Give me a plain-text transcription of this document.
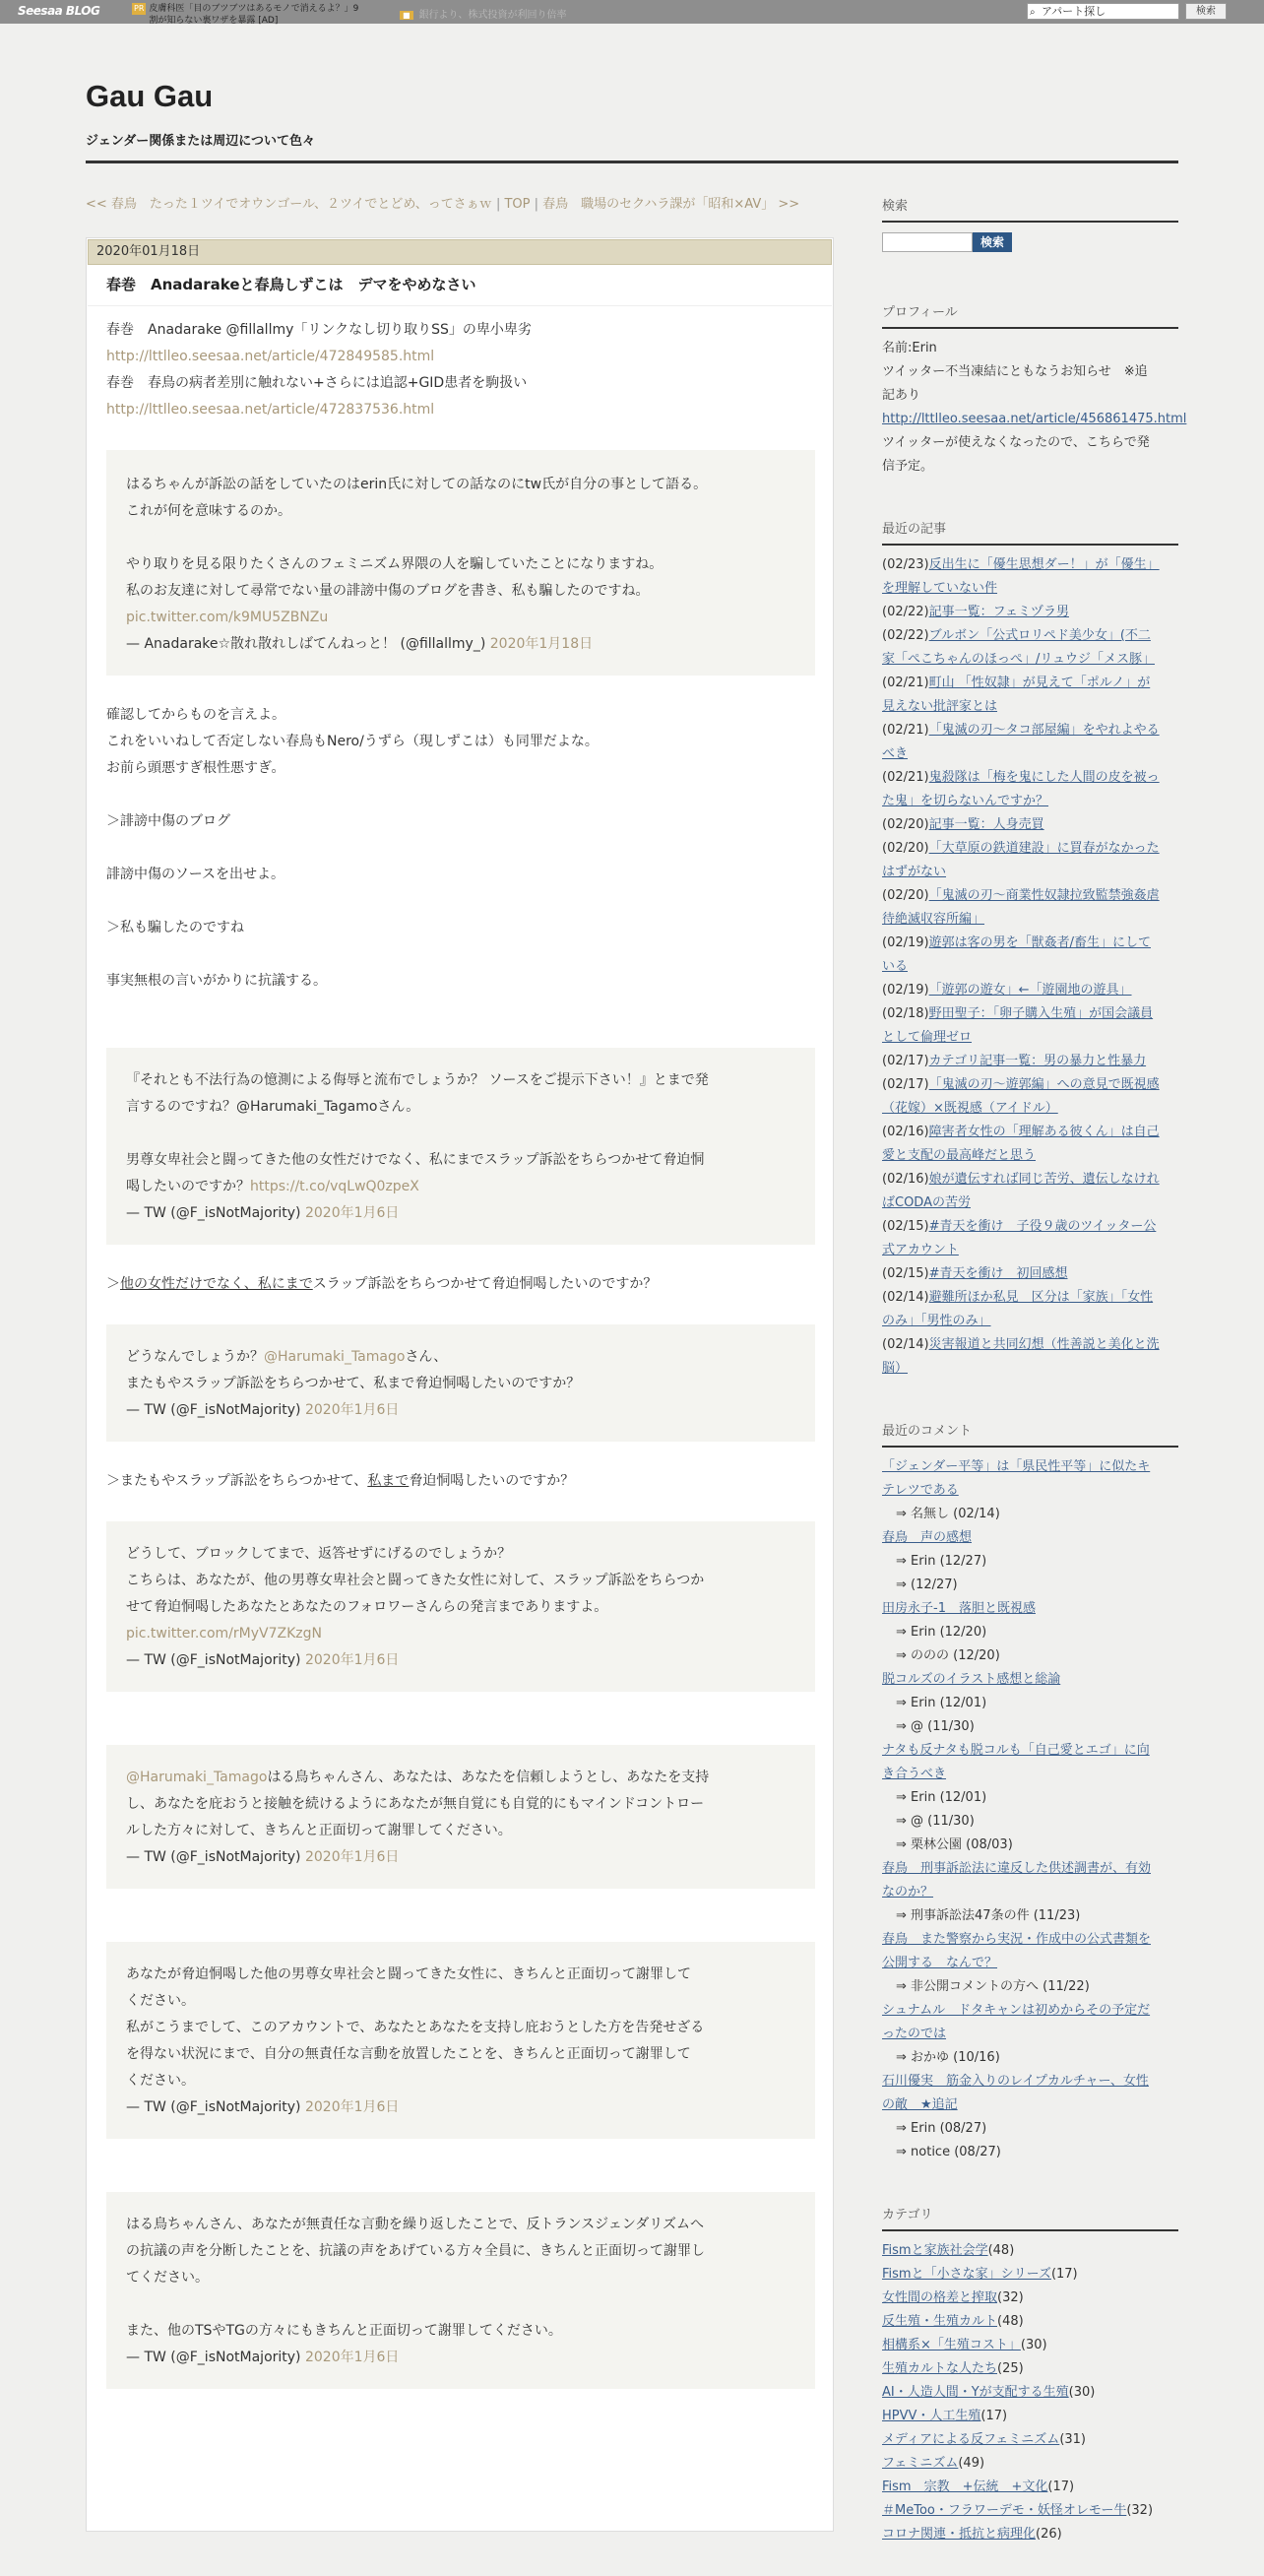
Seesaa BLOG	PR 皮膚科医「目のブツブツはあるモノで消えるよ？」9
割が知らない裏ワザを暴露 [AD]
■ 銀行より、株式投資が利回り倍率	⌕ アパート探し	検索
Gau Gau
ジェンダー関係または周辺について色々
<< 春鳥　たった１ツイでオウンゴール、２ツイでとどめ、ってさぁｗ | TOP | 春鳥　職場のセクハラ課が「昭和×AV」 >>
2020年01月18日
春巻　Anadarakeと春鳥しずこは　デマをやめなさい

春巻　Anadarake @fillallmy「リンクなし切り取りSS」の卑小卑劣

http://lttlleo.seesaa.net/article/472849585.html

春巻　春鳥の病者差別に触れない+さらには追認+GID患者を駒扱い

http://lttlleo.seesaa.net/article/472837536.html

はるちゃんが訴訟の話をしていたのはerin氏に対しての話なのにtw氏が自分の事として語る。

これが何を意味するのか。

やり取りを見る限りたくさんのフェミニズム界隈の人を騙していたことになりますね。

私のお友達に対して尋常でない量の誹謗中傷のブログを書き、私も騙したのですね。

pic.twitter.com/k9MU5ZBNZu

— Anadarake☆散れ散れしばてんねっと！ (@fillallmy_) 2020年1月18日

確認してからものを言えよ。

これをいいねして否定しない春鳥もNero/うずら（現しずこは）も同罪だよな。

お前ら頭悪すぎ根性悪すぎ。

＞誹謗中傷のブログ

誹謗中傷のソースを出せよ。

＞私も騙したのですね

事実無根の言いがかりに抗議する。

『それとも不法行為の憶測による侮辱と流布でしょうか？ ソースをご提示下さい！』とまで発

言するのですね？@Harumaki_Tagamoさん。

男尊女卑社会と闘ってきた他の女性だけでなく、私にまでスラップ訴訟をちらつかせて脅迫恫

喝したいのですか？https://t.co/vqLwQ0zpeX

— TW (@F_isNotMajority) 2020年1月6日

＞他の女性だけでなく、私にまでスラップ訴訟をちらつかせて脅迫恫喝したいのですか？

どうなんでしょうか？@Harumaki_Tamagoさん、

またもやスラップ訴訟をちらつかせて、私まで脅迫恫喝したいのですか？

— TW (@F_isNotMajority) 2020年1月6日

＞またもやスラップ訴訟をちらつかせて、私まで脅迫恫喝したいのですか？

どうして、ブロックしてまで、返答せずにげるのでしょうか？

こちらは、あなたが、他の男尊女卑社会と闘ってきた女性に対して、スラップ訴訟をちらつか

せて脅迫恫喝したあなたとあなたのフォロワーさんらの発言までありますよ。

pic.twitter.com/rMyV7ZKzgN

— TW (@F_isNotMajority) 2020年1月6日

@Harumaki_Tamagoはる鳥ちゃんさん、あなたは、あなたを信頼しようとし、あなたを支持

し、あなたを庇おうと接触を続けるようにあなたが無自覚にも自覚的にもマインドコントロー

ルした方々に対して、きちんと正面切って謝罪してください。

— TW (@F_isNotMajority) 2020年1月6日

あなたが脅迫恫喝した他の男尊女卑社会と闘ってきた女性に、きちんと正面切って謝罪して

ください。

私がこうまでして、このアカウントで、あなたとあなたを支持し庇おうとした方を告発せざる

を得ない状況にまで、自分の無責任な言動を放置したことを、きちんと正面切って謝罪して

ください。

— TW (@F_isNotMajority) 2020年1月6日

はる鳥ちゃんさん、あなたが無責任な言動を繰り返したことで、反トランスジェンダリズムへ

の抗議の声を分断したことを、抗議の声をあげている方々全員に、きちんと正面切って謝罪し

てください。

また、他のTSやTGの方々にもきちんと正面切って謝罪してください。

— TW (@F_isNotMajority) 2020年1月6日

検索
検索
プロフィール
名前:Erin
ツイッター不当凍結にともなうお知らせ　※追
記あり
http://lttlleo.seesaa.net/article/456861475.html
ツイッターが使えなくなったので、こちらで発
信予定。
最近の記事
(02/23)反出生に「優生思想ダー！」が「優生」
を理解していない件
(02/22)記事一覧：フェミヅラ男
(02/22)ブルボン「公式ロリペド美少女」(不二
家「ぺこちゃんのほっぺ」/リュウジ「メス豚」
(02/21)町山 「性奴隷」が見えて「ポルノ」が
見えない批評家とは
(02/21)「鬼滅の刃～タコ部屋編」をやれよやる
べき
(02/21)鬼殺隊は「梅を鬼にした人間の皮を被っ
た鬼」を切らないんですか？
(02/20)記事一覧：人身売買
(02/20)「大草原の鉄道建設」に買春がなかった
はずがない
(02/20)「鬼滅の刃～商業性奴隷拉致監禁強姦虐
待絶滅収容所編」
(02/19)遊郭は客の男を「獣姦者/畜生」にして
いる
(02/19)「遊郭の遊女」←「遊園地の遊具」
(02/18)野田聖子：「卵子購入生殖」が国会議員
として倫理ゼロ
(02/17)カテゴリ記事一覧：男の暴力と性暴力
(02/17)「鬼滅の刃～遊郭編」への意見で既視感
（花嫁）×既視感（アイドル）
(02/16)障害者女性の「理解ある彼くん」は自己
愛と支配の最高峰だと思う
(02/16)娘が遺伝すれば同じ苦労、遺伝しなけれ
ばCODAの苦労
(02/15)#青天を衝け　子役９歳のツイッター公
式アカウント
(02/15)#青天を衝け　初回感想
(02/14)避難所ほか私見　区分は「家族」「女性
のみ」「男性のみ」
(02/14)災害報道と共同幻想（性善説と美化と洗
脳）
最近のコメント
「ジェンダー平等」は「県民性平等」に似たキ
テレツである
⇒ 名無し (02/14)
春鳥　声の感想
⇒ Erin (12/27)
⇒ (12/27)
田房永子-1　落胆と既視感
⇒ Erin (12/20)
⇒ ののの (12/20)
脱コルズのイラスト感想と総論
⇒ Erin (12/01)
⇒ @ (11/30)
ナタも反ナタも脱コルも「自己愛とエゴ」に向
き合うべき
⇒ Erin (12/01)
⇒ @ (11/30)
⇒ 栗林公園 (08/03)
春鳥　刑事訴訟法に違反した供述調書が、有効
なのか？
⇒ 刑事訴訟法47条の件 (11/23)
春鳥　また警察から実況・作成中の公式書類を
公開する　なんで？
⇒ 非公開コメントの方へ (11/22)
シュナムル　ドタキャンは初めからその予定だ
ったのでは
⇒ おかゆ (10/16)
石川優実　筋金入りのレイプカルチャー、女性
の敵　★追記
⇒ Erin (08/27)
⇒ notice (08/27)
カテゴリ
Fismと家族社会学(48)
Fismと「小さな家」シリーズ(17)
女性間の格差と搾取(32)
反生殖・生殖カルト(48)
相構系×「生殖コスト」(30)
生殖カルトな人たち(25)
AI・人造人間・Yが支配する生殖(30)
HPVV・人工生殖(17)
メディアによる反フェミニズム(31)
フェミニズム(49)
Fism　宗教　+伝統　+文化(17)
＃MeToo・フラワーデモ・妖怪オレモー牛(32)
コロナ関連・抵抗と病理化(26)
